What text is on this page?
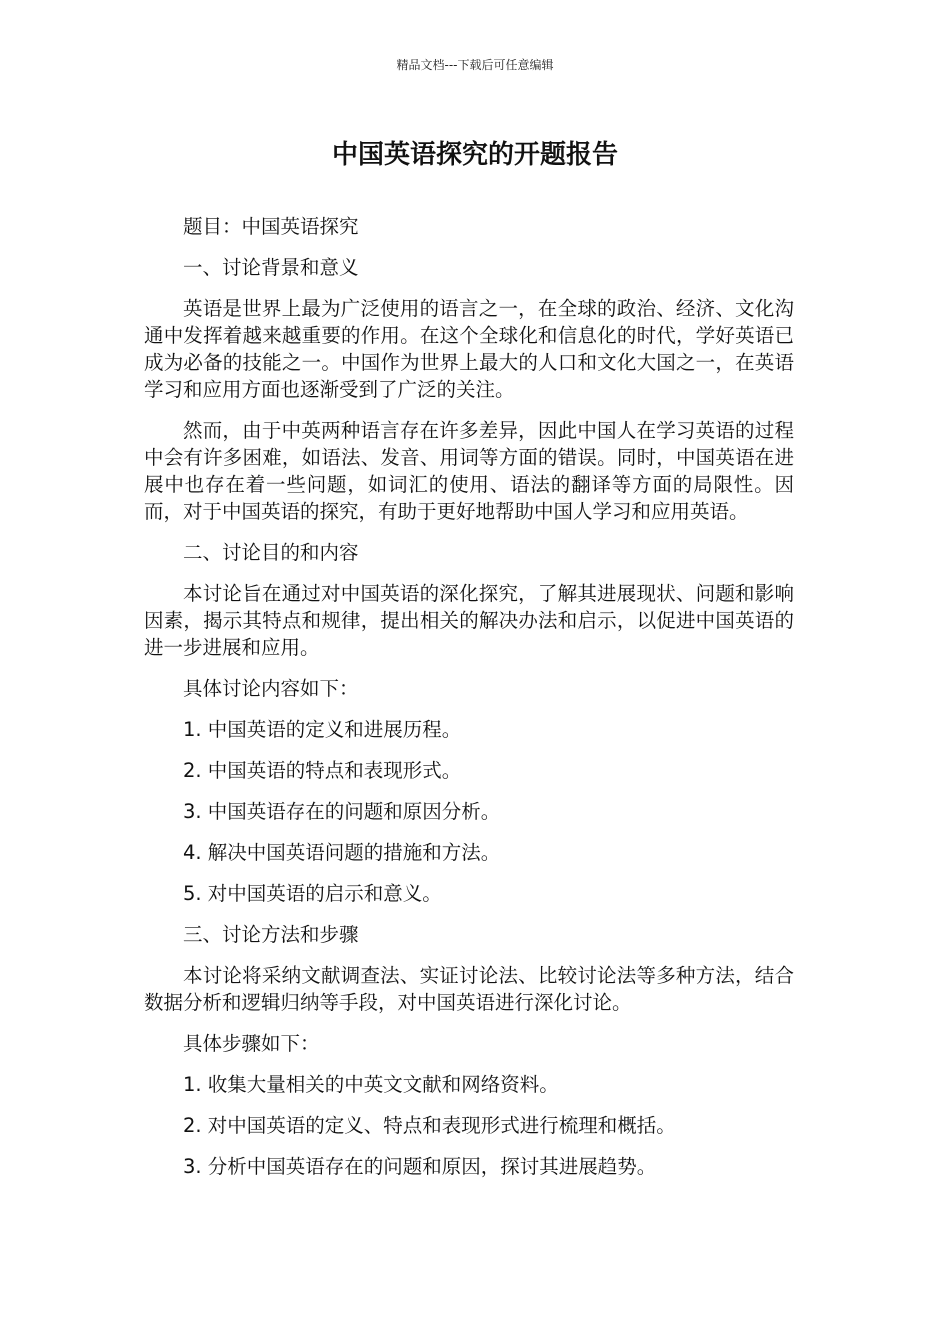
精品文档---下载后可任意编辑
中国英语探究的开题报告

题目：中国英语探究

一、讨论背景和意义

英语是世界上最为广泛使用的语言之一，在全球的政治、经济、文化沟通中发挥着越来越重要的作用。在这个全球化和信息化的时代，学好英语已成为必备的技能之一。中国作为世界上最大的人口和文化大国之一，在英语学习和应用方面也逐渐受到了广泛的关注。

然而，由于中英两种语言存在许多差异，因此中国人在学习英语的过程中会有许多困难，如语法、发音、用词等方面的错误。同时，中国英语在进展中也存在着一些问题，如词汇的使用、语法的翻译等方面的局限性。因而，对于中国英语的探究，有助于更好地帮助中国人学习和应用英语。

二、讨论目的和内容

本讨论旨在通过对中国英语的深化探究，了解其进展现状、问题和影响因素，揭示其特点和规律，提出相关的解决办法和启示，以促进中国英语的进一步进展和应用。

具体讨论内容如下：

1. 中国英语的定义和进展历程。

2. 中国英语的特点和表现形式。

3. 中国英语存在的问题和原因分析。

4. 解决中国英语问题的措施和方法。

5. 对中国英语的启示和意义。

三、讨论方法和步骤

本讨论将采纳文献调查法、实证讨论法、比较讨论法等多种方法，结合数据分析和逻辑归纳等手段，对中国英语进行深化讨论。

具体步骤如下：

1. 收集大量相关的中英文文献和网络资料。

2. 对中国英语的定义、特点和表现形式进行梳理和概括。

3. 分析中国英语存在的问题和原因，探讨其进展趋势。
